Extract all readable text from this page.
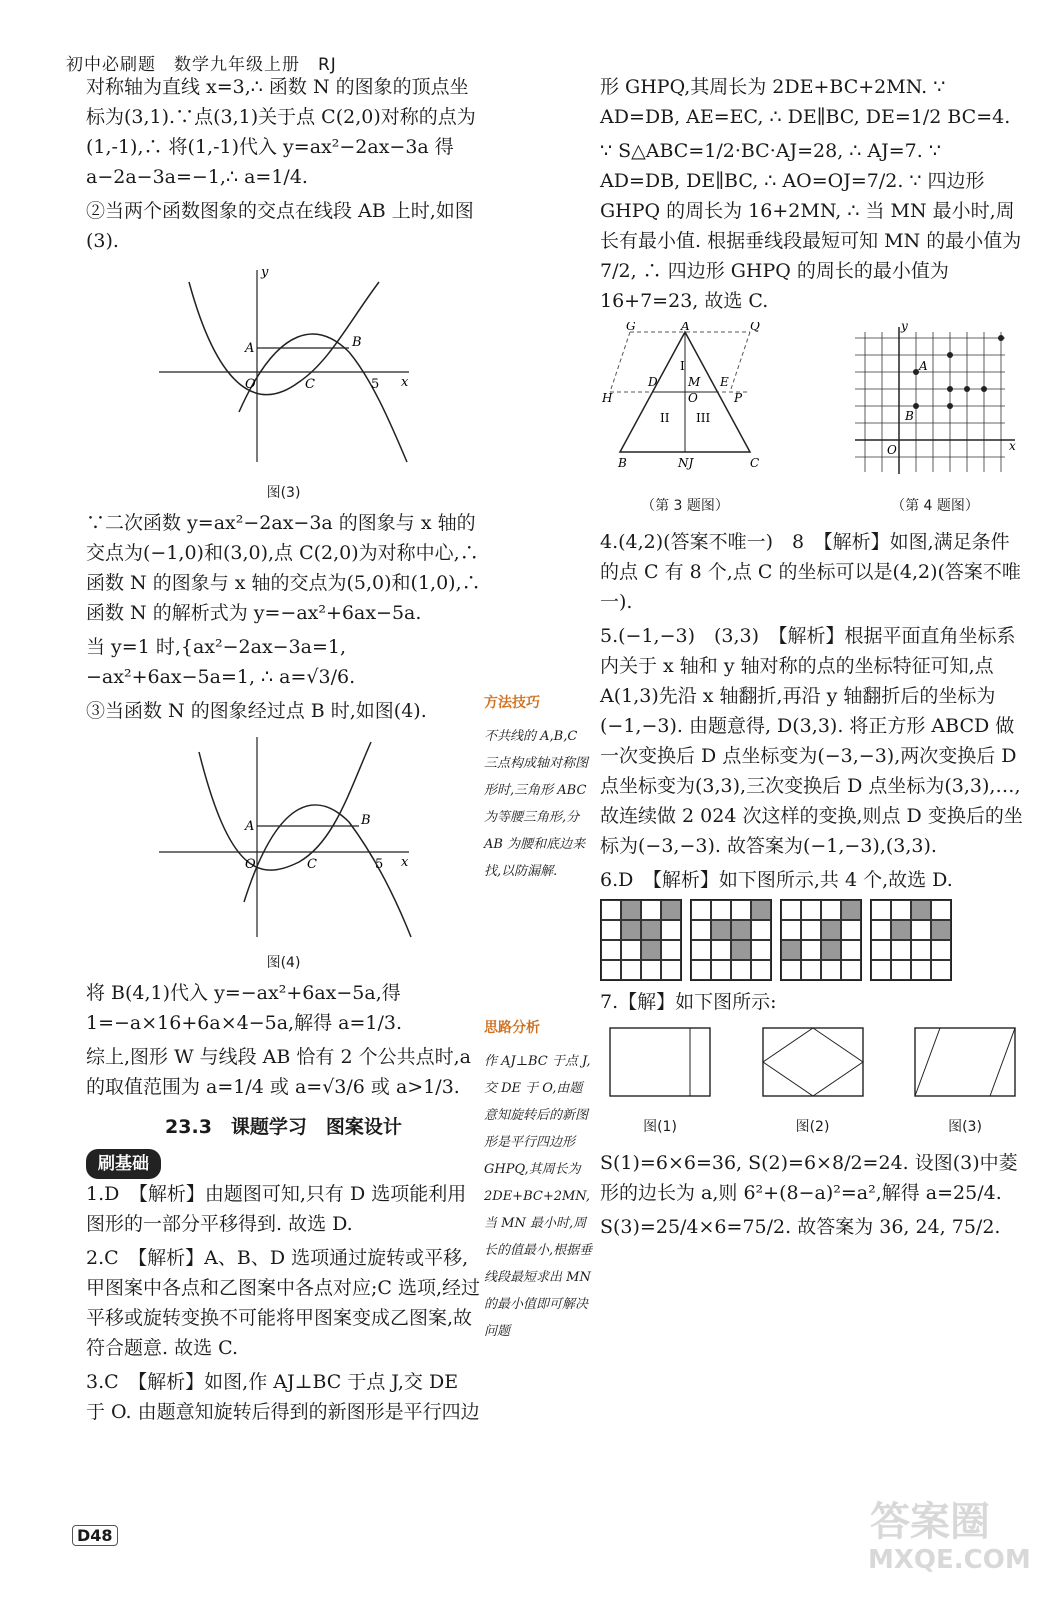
初中必刷题　数学九年级上册　RJ

对称轴为直线 x=3,∴ 函数 N 的图象的顶点坐标为(3,1).∵点(3,1)关于点 C(2,0)对称的点为(1,-1),∴ 将(1,-1)代入 y=ax²−2ax−3a 得 a−2a−3a=−1,∴ a=1/4.

②当两个函数图象的交点在线段 AB 上时,如图(3).

A	B
C
O	5 x
y
图(3)

∵二次函数 y=ax²−2ax−3a 的图象与 x 轴的交点为(−1,0)和(3,0),点 C(2,0)为对称中心,∴ 函数 N 的图象与 x 轴的交点为(5,0)和(1,0),∴ 函数 N 的解析式为 y=−ax²+6ax−5a.

当 y=1 时,{ax²−2ax−3a=1, −ax²+6ax−5a=1, ∴ a=√3/6.

③当函数 N 的图象经过点 B 时,如图(4).

A	B
C
O	5 x
图(4)

将 B(4,1)代入 y=−ax²+6ax−5a,得 1=−a×16+6a×4−5a,解得 a=1/3.

综上,图形 W 与线段 AB 恰有 2 个公共点时,a 的取值范围为 a=1/4 或 a=√3/6 或 a>1/3.

23.3　课题学习　图案设计
刷基础

1.D　【解析】由题图可知,只有 D 选项能利用图形的一部分平移得到. 故选 D.

2.C　【解析】A、B、D 选项通过旋转或平移,甲图案中各点和乙图案中各点对应;C 选项,经过平移或旋转变换不可能将甲图案变成乙图案,故符合题意. 故选 C.

3.C　【解析】如图,作 AJ⊥BC 于点 J,交 DE 于 O. 由题意知旋转后得到的新图形是平行四边

方法技巧
不共线的 A,B,C 三点构成轴对称图形时,三角形 ABC 为等腰三角形,分 AB 为腰和底边来找,以防漏解.
思路分析
作 AJ⊥BC 于点 J,交 DE 于 O,由题意知旋转后的新图形是平行四边形 GHPQ,其周长为 2DE+BC+2MN,当 MN 最小时,周长的值最小,根据垂线段最短求出 MN 的最小值即可解决问题

形 GHPQ,其周长为 2DE+BC+2MN. ∵ AD=DB, AE=EC, ∴ DE∥BC, DE=1/2 BC=4.

∵ S△ABC=1/2·BC·AJ=28, ∴ AJ=7. ∵ AD=DB, DE∥BC, ∴ AO=OJ=7/2. ∵ 四边形 GHPQ 的周长为 16+2MN, ∴ 当 MN 最小时,周长有最小值. 根据垂线段最短可知 MN 的最小值为 7/2, ∴ 四边形 GHPQ 的周长的最小值为 16+7=23, 故选 C.

A
G	Q
H	P
B	C
NJ
D	E
M
O
I
II III
（第 3 题图）
A
B
O	x
y
（第 4 题图）

4.(4,2)(答案不唯一)　8　【解析】如图,满足条件的点 C 有 8 个,点 C 的坐标可以是(4,2)(答案不唯一).

5.(−1,−3)　(3,3)　【解析】根据平面直角坐标系内关于 x 轴和 y 轴对称的点的坐标特征可知,点 A(1,3)先沿 x 轴翻折,再沿 y 轴翻折后的坐标为(−1,−3). 由题意得, D(3,3). 将正方形 ABCD 做一次变换后 D 点坐标变为(−3,−3),两次变换后 D 点坐标变为(3,3),三次变换后 D 点坐标为(3,3),…,故连续做 2 024 次这样的变换,则点 D 变换后的坐标为(−3,−3). 故答案为(−1,−3),(3,3).

6.D　【解析】如下图所示,共 4 个,故选 D.

7.【解】如下图所示:

图(1)	图(2)	图(3)

S(1)=6×6=36, S(2)=6×8/2=24. 设图(3)中菱形的边长为 a,则 6²+(8−a)²=a²,解得 a=25/4.

S(3)=25/4×6=75/2. 故答案为 36, 24, 75/2.

D48	答案圈
MXQE.COM
